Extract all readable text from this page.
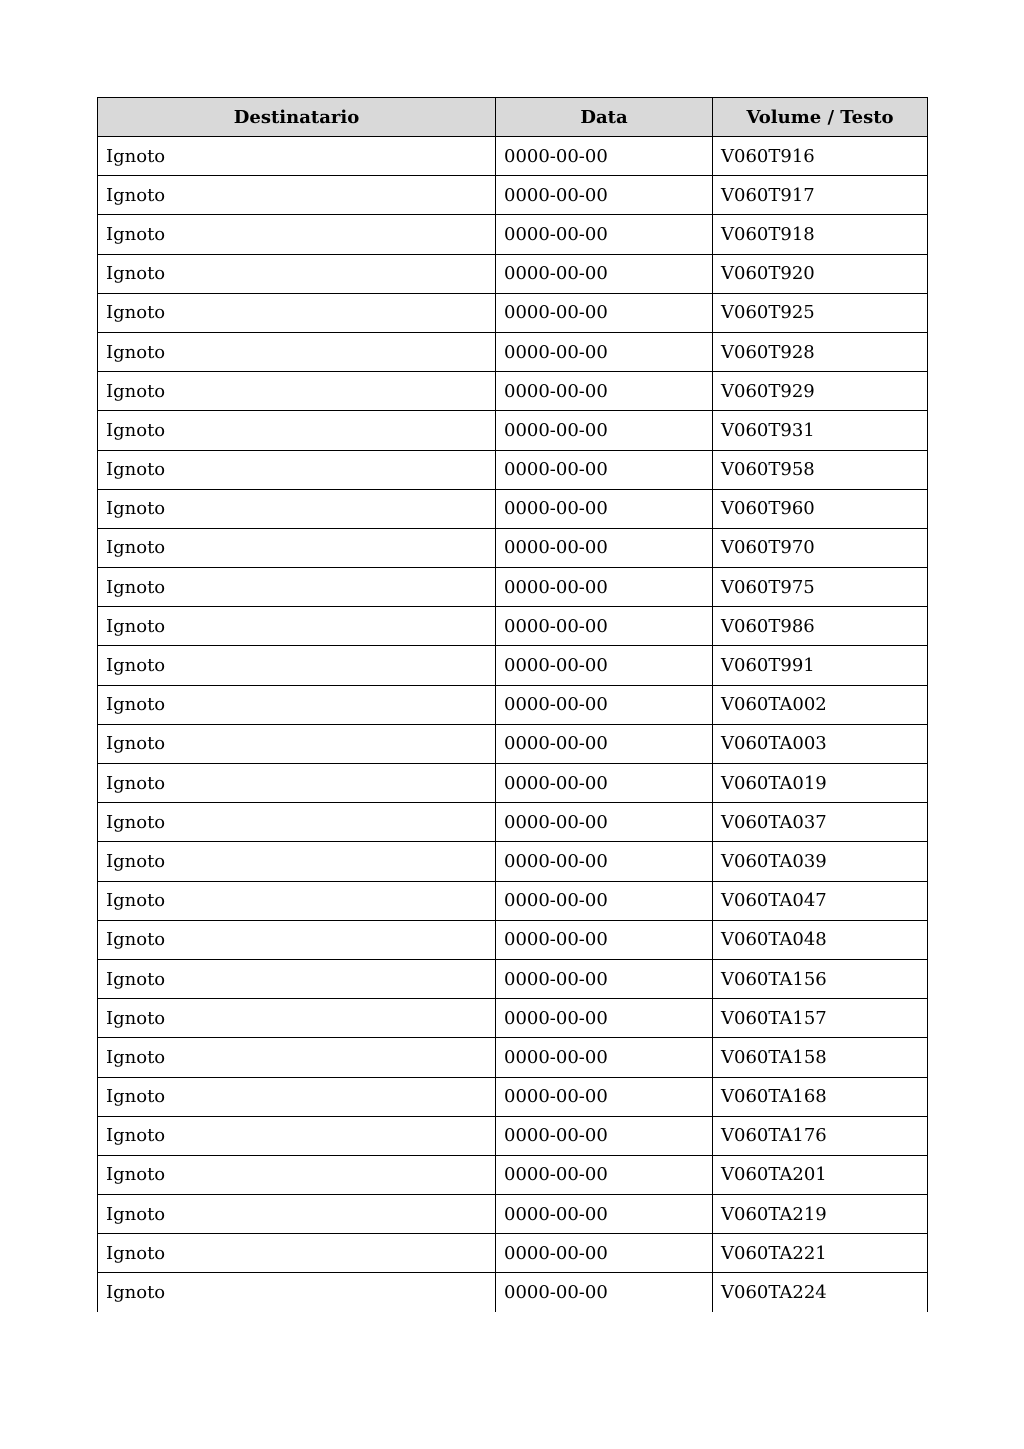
Destinatario	Data	Volume / Testo
Ignoto	0000-00-00	V060T916
Ignoto	0000-00-00	V060T917
Ignoto	0000-00-00	V060T918
Ignoto	0000-00-00	V060T920
Ignoto	0000-00-00	V060T925
Ignoto	0000-00-00	V060T928
Ignoto	0000-00-00	V060T929
Ignoto	0000-00-00	V060T931
Ignoto	0000-00-00	V060T958
Ignoto	0000-00-00	V060T960
Ignoto	0000-00-00	V060T970
Ignoto	0000-00-00	V060T975
Ignoto	0000-00-00	V060T986
Ignoto	0000-00-00	V060T991
Ignoto	0000-00-00	V060TA002
Ignoto	0000-00-00	V060TA003
Ignoto	0000-00-00	V060TA019
Ignoto	0000-00-00	V060TA037
Ignoto	0000-00-00	V060TA039
Ignoto	0000-00-00	V060TA047
Ignoto	0000-00-00	V060TA048
Ignoto	0000-00-00	V060TA156
Ignoto	0000-00-00	V060TA157
Ignoto	0000-00-00	V060TA158
Ignoto	0000-00-00	V060TA168
Ignoto	0000-00-00	V060TA176
Ignoto	0000-00-00	V060TA201
Ignoto	0000-00-00	V060TA219
Ignoto	0000-00-00	V060TA221
Ignoto	0000-00-00	V060TA224
